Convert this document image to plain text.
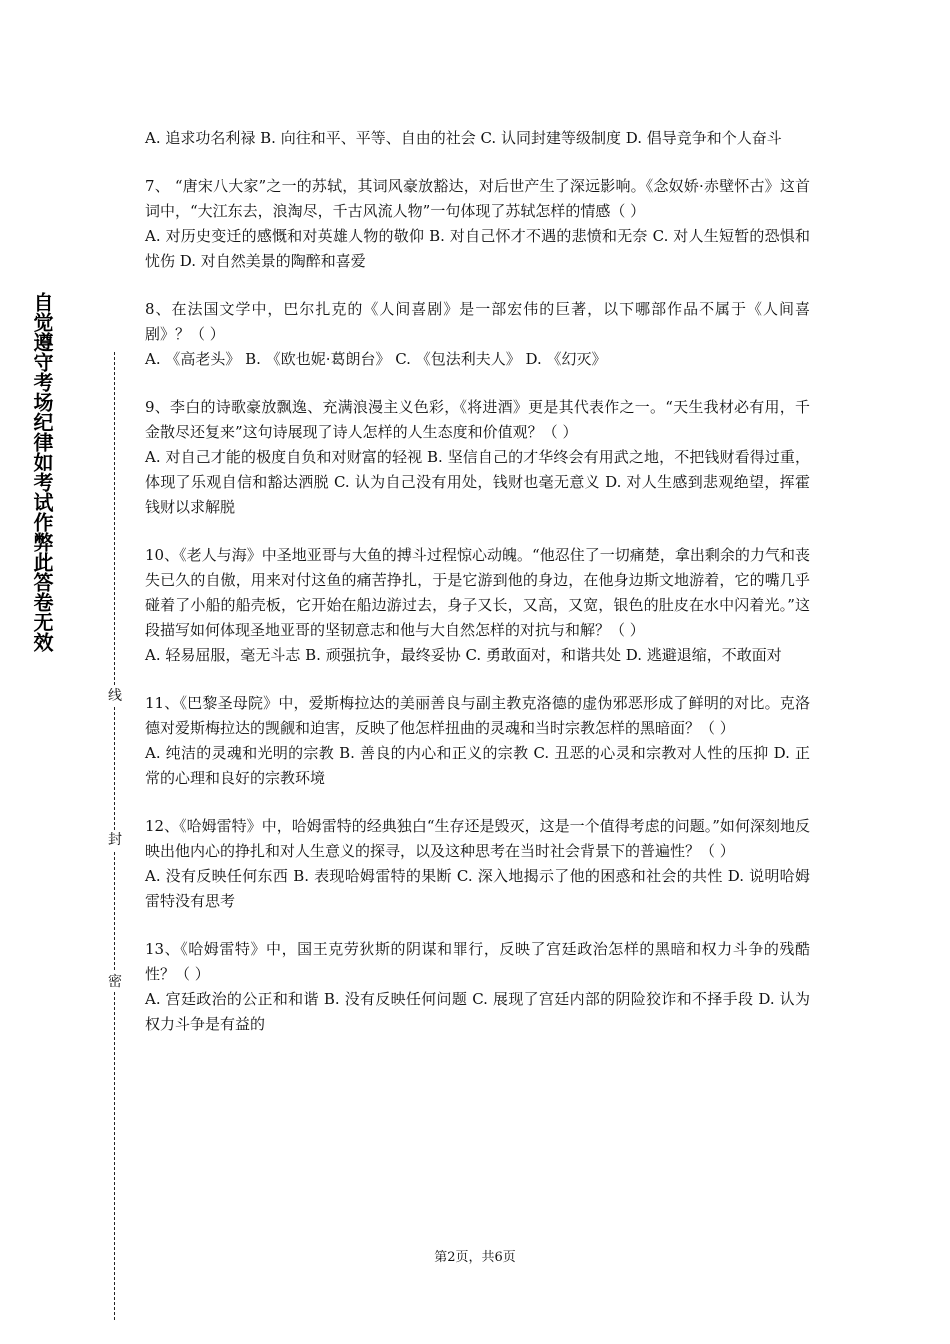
自觉遵守考场纪律如考试作弊此答卷无效
线
封
密

A. 追求功名利禄 B. 向往和平、平等、自由的社会 C. 认同封建等级制度 D. 倡导竞争和个人奋斗

7、 “唐宋八大家”之一的苏轼，其词风豪放豁达，对后世产生了深远影响。《念奴娇·赤壁怀古》这首词中，“大江东去，浪淘尽，千古风流人物”一句体现了苏轼怎样的情感（ ）

A. 对历史变迁的感慨和对英雄人物的敬仰 B. 对自己怀才不遇的悲愤和无奈 C. 对人生短暂的恐惧和忧伤 D. 对自然美景的陶醉和喜爱

8、在法国文学中，巴尔扎克的《人间喜剧》是一部宏伟的巨著，以下哪部作品不属于《人间喜剧》？（ ）

A. 《高老头》 B. 《欧也妮·葛朗台》 C. 《包法利夫人》 D. 《幻灭》

9、李白的诗歌豪放飘逸、充满浪漫主义色彩，《将进酒》更是其代表作之一。“天生我材必有用，千金散尽还复来”这句诗展现了诗人怎样的人生态度和价值观？（ ）

A. 对自己才能的极度自负和对财富的轻视 B. 坚信自己的才华终会有用武之地，不把钱财看得过重，体现了乐观自信和豁达洒脱 C. 认为自己没有用处，钱财也毫无意义 D. 对人生感到悲观绝望，挥霍钱财以求解脱

10、《老人与海》中圣地亚哥与大鱼的搏斗过程惊心动魄。“他忍住了一切痛楚，拿出剩余的力气和丧失已久的自傲，用来对付这鱼的痛苦挣扎，于是它游到他的身边，在他身边斯文地游着，它的嘴几乎碰着了小船的船壳板，它开始在船边游过去，身子又长，又高，又宽，银色的肚皮在水中闪着光。”这段描写如何体现圣地亚哥的坚韧意志和他与大自然怎样的对抗与和解？（ ）

A. 轻易屈服，毫无斗志 B. 顽强抗争，最终妥协 C. 勇敢面对，和谐共处 D. 逃避退缩，不敢面对

11、《巴黎圣母院》中，爱斯梅拉达的美丽善良与副主教克洛德的虚伪邪恶形成了鲜明的对比。克洛德对爱斯梅拉达的觊觎和迫害，反映了他怎样扭曲的灵魂和当时宗教怎样的黑暗面？（ ）

A. 纯洁的灵魂和光明的宗教 B. 善良的内心和正义的宗教 C. 丑恶的心灵和宗教对人性的压抑 D. 正常的心理和良好的宗教环境

12、《哈姆雷特》中，哈姆雷特的经典独白“生存还是毁灭，这是一个值得考虑的问题。”如何深刻地反映出他内心的挣扎和对人生意义的探寻，以及这种思考在当时社会背景下的普遍性？（ ）

A. 没有反映任何东西 B. 表现哈姆雷特的果断 C. 深入地揭示了他的困惑和社会的共性 D. 说明哈姆雷特没有思考

13、《哈姆雷特》中，国王克劳狄斯的阴谋和罪行，反映了宫廷政治怎样的黑暗和权力斗争的残酷性？（ ）

A. 宫廷政治的公正和和谐 B. 没有反映任何问题 C. 展现了宫廷内部的阴险狡诈和不择手段 D. 认为权力斗争是有益的

第2页，共6页
